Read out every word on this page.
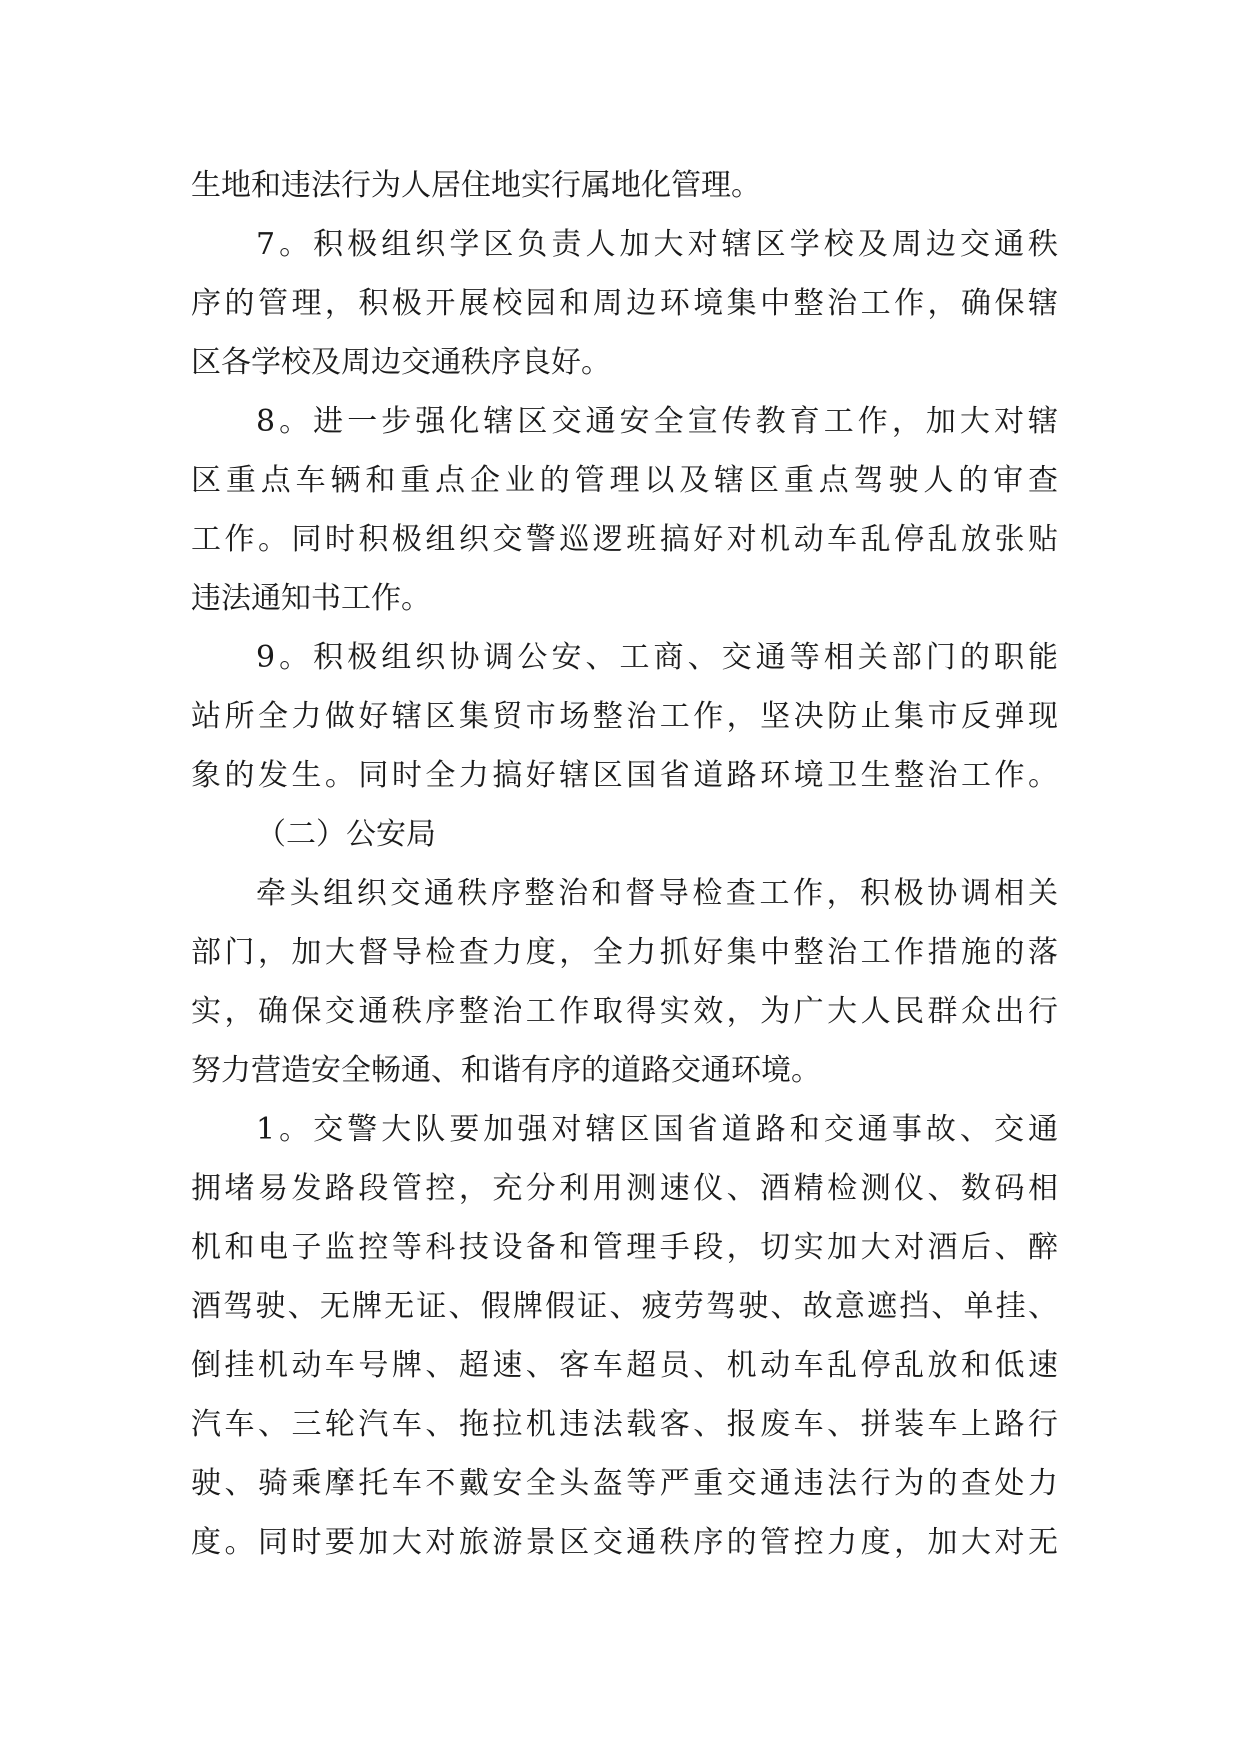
生地和违法行为人居住地实行属地化管理。
7。积极组织学区负责人加大对辖区学校及周边交通秩
序的管理，积极开展校园和周边环境集中整治工作，确保辖
区各学校及周边交通秩序良好。
8。进一步强化辖区交通安全宣传教育工作，加大对辖
区重点车辆和重点企业的管理以及辖区重点驾驶人的审查
工作。同时积极组织交警巡逻班搞好对机动车乱停乱放张贴
违法通知书工作。
9。积极组织协调公安、工商、交通等相关部门的职能
站所全力做好辖区集贸市场整治工作，坚决防止集市反弹现
象的发生。同时全力搞好辖区国省道路环境卫生整治工作。
（二）公安局
牵头组织交通秩序整治和督导检查工作，积极协调相关
部门，加大督导检查力度，全力抓好集中整治工作措施的落
实，确保交通秩序整治工作取得实效，为广大人民群众出行
努力营造安全畅通、和谐有序的道路交通环境。
1。交警大队要加强对辖区国省道路和交通事故、交通
拥堵易发路段管控，充分利用测速仪、酒精检测仪、数码相
机和电子监控等科技设备和管理手段，切实加大对酒后、醉
酒驾驶、无牌无证、假牌假证、疲劳驾驶、故意遮挡、单挂、
倒挂机动车号牌、超速、客车超员、机动车乱停乱放和低速
汽车、三轮汽车、拖拉机违法载客、报废车、拼装车上路行
驶、骑乘摩托车不戴安全头盔等严重交通违法行为的查处力
度。同时要加大对旅游景区交通秩序的管控力度，加大对无
